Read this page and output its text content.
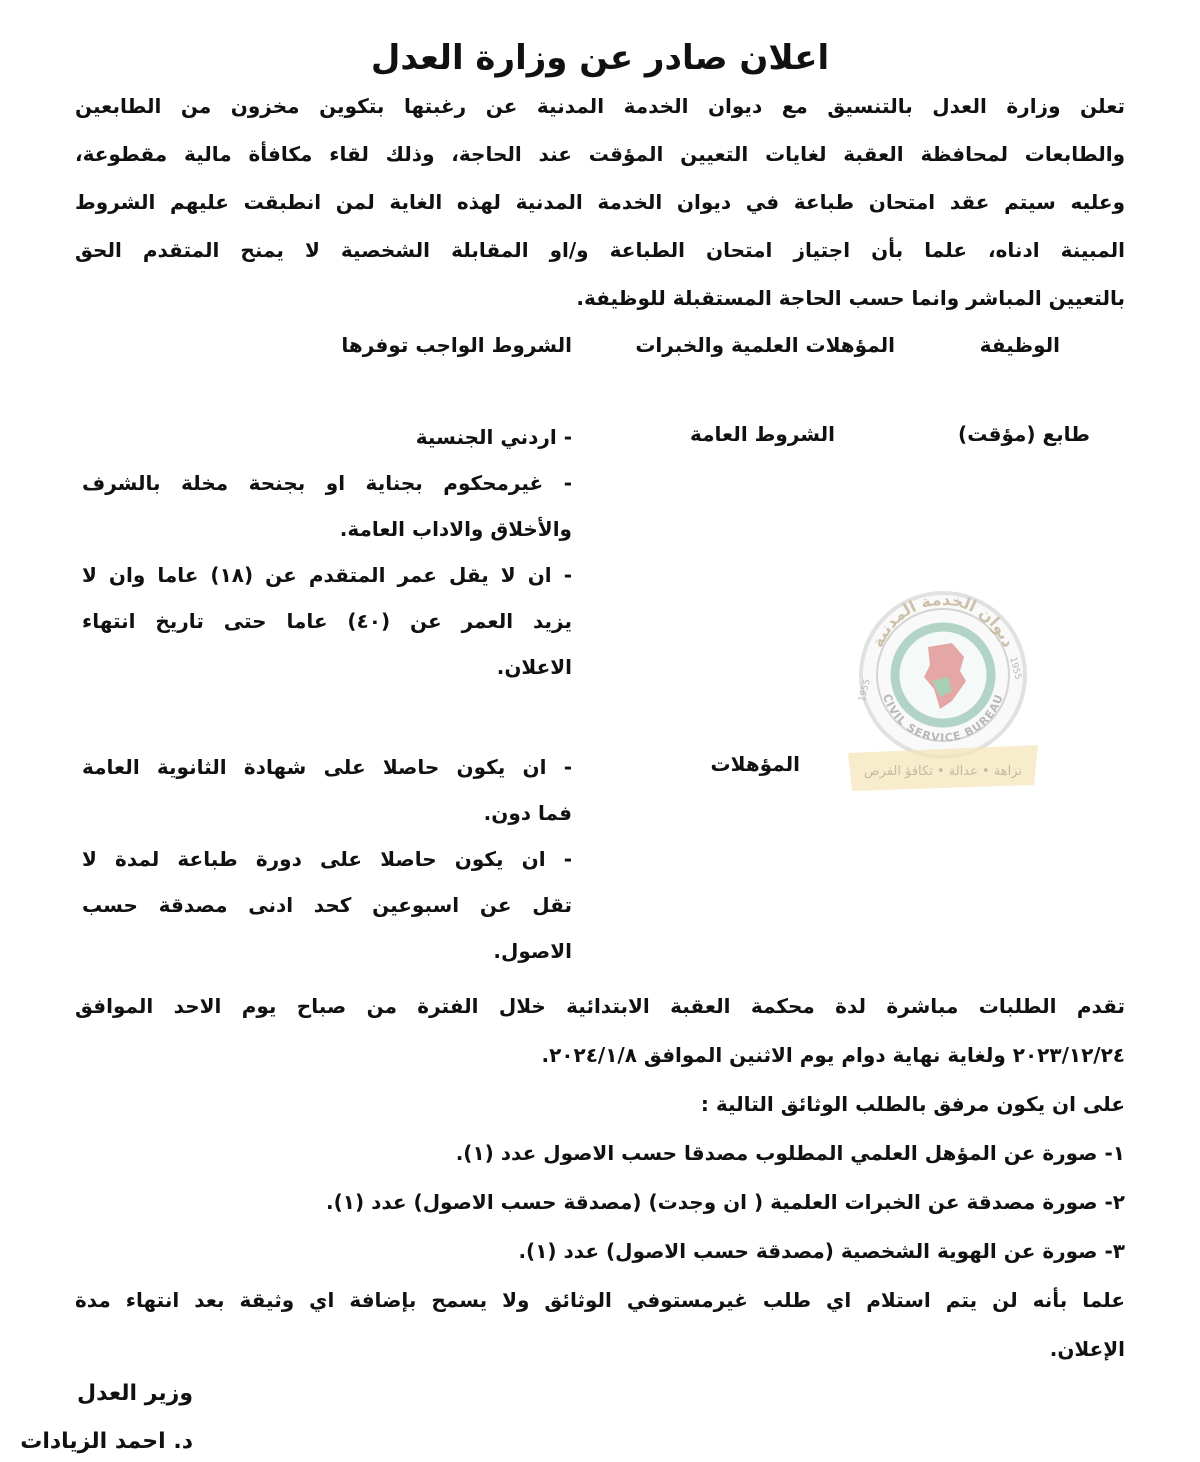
اعلان صادر عن وزارة العدل
تعلن وزارة العدل بالتنسيق مع ديوان الخدمة المدنية عن رغبتها بتكوين مخزون من الطابعين
والطابعات لمحافظة العقبة لغايات التعيين المؤقت عند الحاجة، وذلك لقاء مكافأة مالية مقطوعة،
وعليه سيتم عقد امتحان طباعة في ديوان الخدمة المدنية لهذه الغاية لمن انطبقت عليهم الشروط
المبينة ادناه، علما بأن اجتياز امتحان الطباعة و/او المقابلة الشخصية لا يمنح المتقدم الحق
بالتعيين المباشر وانما حسب الحاجة المستقبلة للوظيفة.
الوظيفة
المؤهلات العلمية والخبرات
الشروط الواجب توفرها
طابع (مؤقت)
الشروط العامة
- اردني الجنسية
- غيرمحكوم بجناية او بجنحة مخلة بالشرف
والأخلاق والاداب العامة.
- ان لا يقل عمر المتقدم عن (١٨) عاما وان لا
يزيد العمر عن (٤٠) عاما حتى تاريخ انتهاء
الاعلان.
ديوان الخدمة المدنية
CIVIL SERVICE BUREAU
1955
1955
نزاهة • عدالة • تكافؤ الفرص
المؤهلات
- ان يكون حاصلا على شهادة الثانوية العامة
فما دون.
- ان يكون حاصلا على دورة طباعة لمدة لا
تقل عن اسبوعين كحد ادنى مصدقة حسب
الاصول.
تقدم الطلبات مباشرة لدة محكمة العقبة الابتدائية خلال الفترة من صباح يوم الاحد الموافق
٢٠٢٣/١٢/٢٤ ولغاية نهاية دوام يوم الاثنين الموافق ٢٠٢٤/١/٨.
على ان يكون مرفق بالطلب الوثائق التالية :
١- صورة عن المؤهل العلمي المطلوب مصدقا حسب الاصول عدد (١).
٢- صورة مصدقة عن الخبرات العلمية ( ان وجدت) (مصدقة حسب الاصول) عدد (١).
٣- صورة عن الهوية الشخصية (مصدقة حسب الاصول) عدد (١).
علما بأنه لن يتم استلام اي طلب غيرمستوفي الوثائق ولا يسمح بإضافة اي وثيقة بعد انتهاء مدة
الإعلان.
وزير العدل
د. احمد الزيادات
